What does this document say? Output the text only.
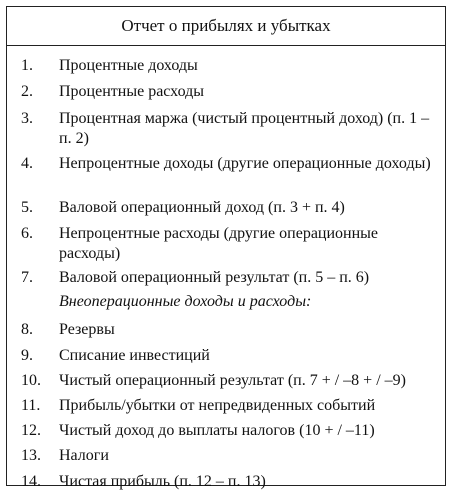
Отчет о прибылях и убытках
1.	Процентные доходы
2.	Процентные расходы
3.	Процентная маржа (чистый процентный доход) (п. 1 – п. 2)
4.	Непроцентные доходы (другие операционные доходы)
5.	Валовой операционный доход (п. 3 + п. 4)
6.	Непроцентные расходы (другие операционные расходы)
7.	Валовой операционный результат (п. 5 – п. 6)
Внеоперационные доходы и расходы:
8.	Резервы
9.	Списание инвестиций
10.	Чистый операционный результат (п. 7 + / –8 + / –9)
11.	Прибыль/убытки от непредвиденных событий
12.	Чистый доход до выплаты налогов (10 + / –11)
13.	Налоги
14.	Чистая прибыль (п. 12 – п. 13)
